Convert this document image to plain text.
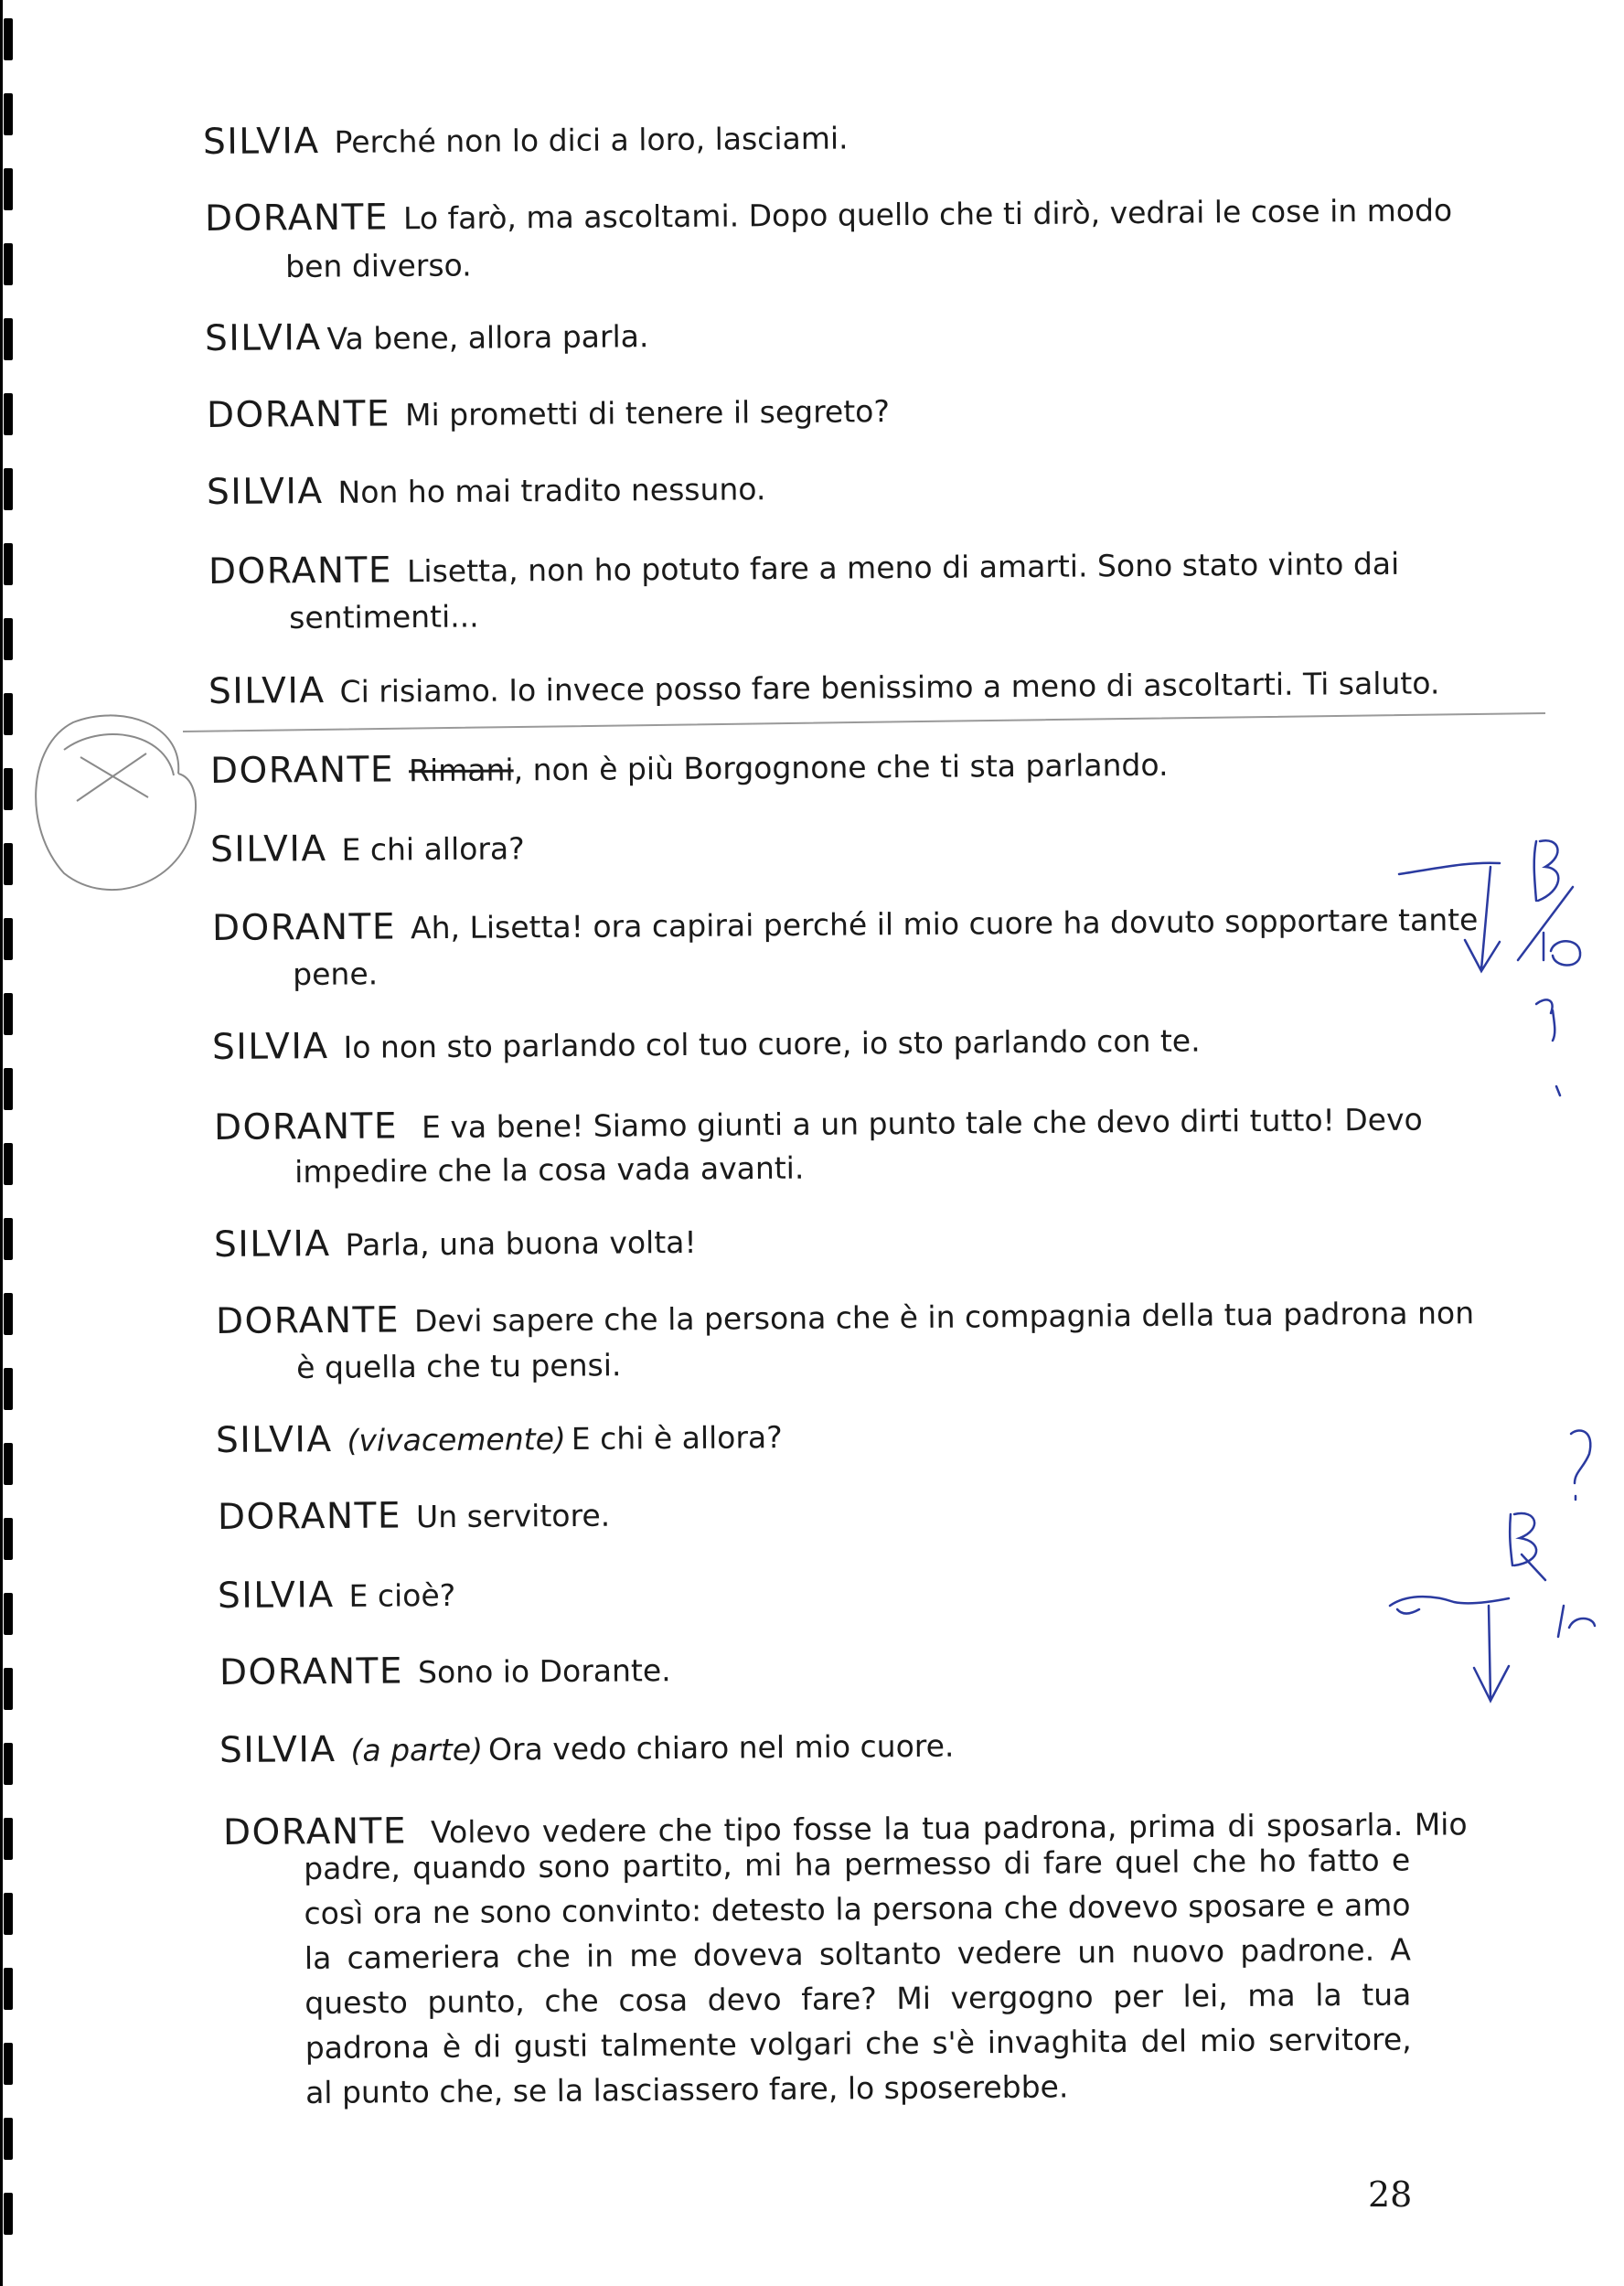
SILVIA Perché non lo dici a loro, lasciami.
DORANTE Lo farò, ma ascoltami. Dopo quello che ti dirò, vedrai le cose in modo
ben diverso.
SILVIA Va bene, allora parla.
DORANTE Mi prometti di tenere il segreto?
SILVIA Non ho mai tradito nessuno.
DORANTE Lisetta, non ho potuto fare a meno di amarti. Sono stato vinto dai
sentimenti...
SILVIA Ci risiamo. Io invece posso fare benissimo a meno di ascoltarti. Ti saluto.
DORANTE Rimani, non è più Borgognone che ti sta parlando.
SILVIA E chi allora?
DORANTE Ah, Lisetta! ora capirai perché il mio cuore ha dovuto sopportare tante
pene.
SILVIA Io non sto parlando col tuo cuore, io sto parlando con te.
DORANTE E va bene! Siamo giunti a un punto tale che devo dirti tutto! Devo
impedire che la cosa vada avanti.
SILVIA Parla, una buona volta!
DORANTE Devi sapere che la persona che è in compagnia della tua padrona non
è quella che tu pensi.
SILVIA (vivacemente) E chi è allora?
DORANTE Un servitore.
SILVIA E cioè?
DORANTE Sono io Dorante.
SILVIA (a parte) Ora vedo chiaro nel mio cuore.
DORANTE Volevo vedere che tipo fosse la tua padrona, prima di sposarla. Mio
padre, quando sono partito, mi ha permesso di fare quel che ho fatto e così ora ne sono convinto: detesto la persona che dovevo sposare e amo la cameriera che in me doveva soltanto vedere un nuovo padrone. A questo punto, che cosa devo fare? Mi vergogno per lei, ma la tua padrona è di gusti talmente volgari che s'è invaghita del mio servitore, al punto che, se la lasciassero fare, lo sposerebbe.
28
